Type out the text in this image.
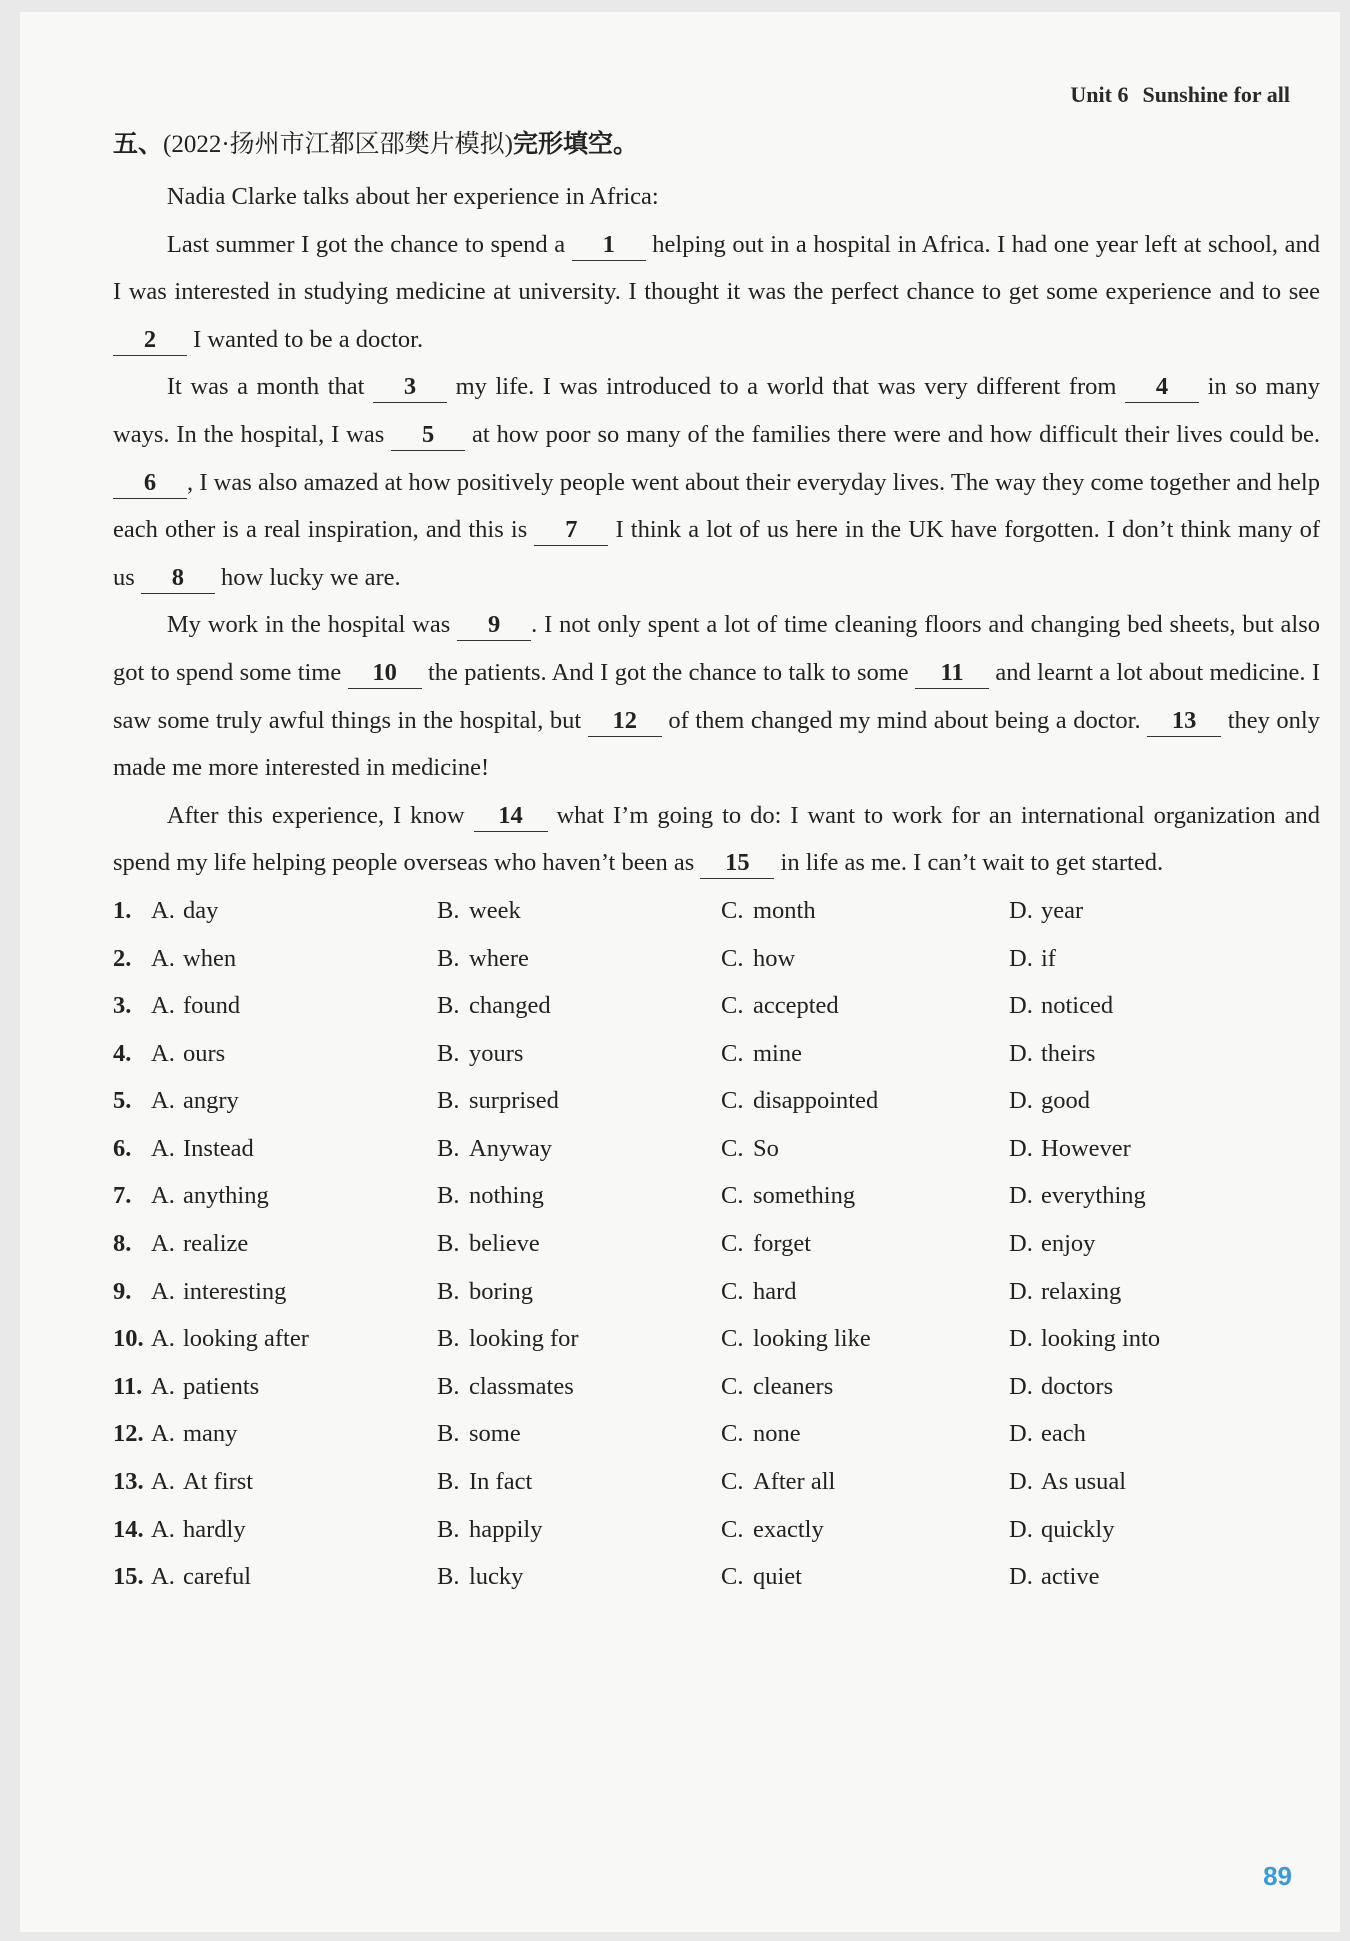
Unit 6 Sunshine for all
五、(2022·扬州市江都区邵樊片模拟)完形填空。

Nadia Clarke talks about her experience in Africa:

Last summer I got the chance to spend a 1 helping out in a hospital in Africa. I had one year left at school, and I was interested in studying medicine at university. I thought it was the perfect chance to get some experience and to see 2 I wanted to be a doctor.

It was a month that 3 my life. I was introduced to a world that was very different from 4 in so many ways. In the hospital, I was 5 at how poor so many of the families there were and how difficult their lives could be. 6 , I was also amazed at how positively people went about their everyday lives. The way they come together and help each other is a real inspiration, and this is 7 I think a lot of us here in the UK have forgotten. I don’t think many of us 8 how lucky we are.

My work in the hospital was 9 . I not only spent a lot of time cleaning floors and changing bed sheets, but also got to spend some time 10 the patients. And I got the chance to talk to some 11 and learnt a lot about medicine. I saw some truly awful things in the hospital, but 12 of them changed my mind about being a doctor. 13 they only made me more interested in medicine!

After this experience, I know 14 what I’m going to do: I want to work for an international organization and spend my life helping people overseas who haven’t been as 15 in life as me. I can’t wait to get started.

1. A. day	B. week	C. month	D. year
2. A. when	B. where	C. how	D. if
3. A. found	B. changed	C. accepted	D. noticed
4. A. ours	B. yours	C. mine	D. theirs
5. A. angry	B. surprised	C. disappointed	D. good
6. A. Instead	B. Anyway	C. So	D. However
7. A. anything	B. nothing	C. something	D. everything
8. A. realize	B. believe	C. forget	D. enjoy
9. A. interesting	B. boring	C. hard	D. relaxing
10. A. looking after	B. looking for	C. looking like	D. looking into
11. A. patients	B. classmates	C. cleaners	D. doctors
12. A. many	B. some	C. none	D. each
13. A. At first	B. In fact	C. After all	D. As usual
14. A. hardly	B. happily	C. exactly	D. quickly
15. A. careful	B. lucky	C. quiet	D. active
89
